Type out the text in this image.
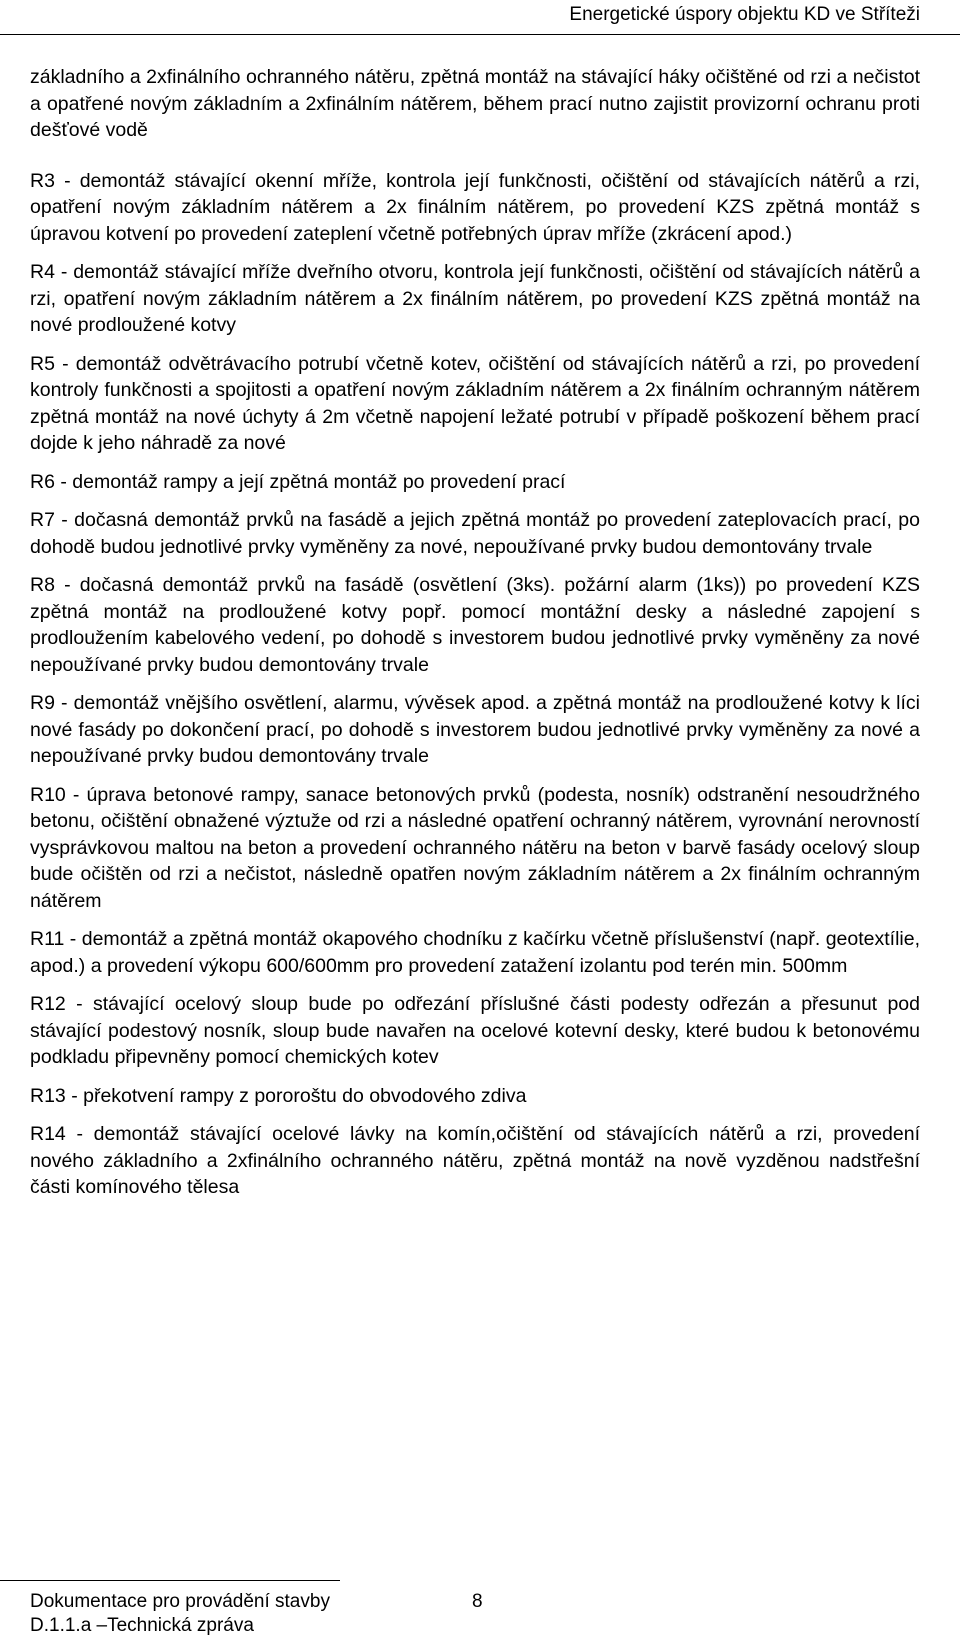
Energetické úspory objektu KD ve Stříteži

základního a 2xfinálního ochranného nátěru, zpětná montáž na stávající háky očištěné od rzi a nečistot a opatřené novým základním a 2xfinálním nátěrem, během prací nutno zajistit provizorní ochranu proti dešťové vodě

R3 - demontáž stávající okenní mříže, kontrola její funkčnosti, očištění od stávajících nátěrů a rzi, opatření novým základním nátěrem a 2x finálním nátěrem, po provedení KZS zpětná montáž s úpravou kotvení po provedení zateplení včetně potřebných úprav mříže (zkrácení apod.)

R4 - demontáž stávající mříže dveřního otvoru, kontrola její funkčnosti, očištění od stávajících nátěrů a rzi, opatření novým základním nátěrem a 2x finálním nátěrem, po provedení KZS zpětná montáž na nové prodloužené kotvy

R5 - demontáž odvětrávacího potrubí včetně kotev, očištění od stávajících nátěrů a rzi, po provedení kontroly funkčnosti a spojitosti a opatření novým základním nátěrem a 2x finálním ochranným nátěrem zpětná montáž na nové úchyty á 2m včetně napojení ležaté potrubí v případě poškození během prací dojde k jeho náhradě za nové

R6 - demontáž rampy a její zpětná montáž po provedení prací

R7 - dočasná demontáž prvků na fasádě a jejich zpětná montáž po provedení zateplovacích prací, po dohodě budou jednotlivé prvky vyměněny za nové, nepoužívané prvky budou demontovány trvale

R8 - dočasná demontáž prvků na fasádě (osvětlení (3ks). požární alarm (1ks)) po provedení KZS zpětná montáž na prodloužené kotvy popř. pomocí montážní desky a následné zapojení s prodloužením kabelového vedení, po dohodě s investorem budou jednotlivé prvky vyměněny za nové nepoužívané prvky budou demontovány trvale

R9 - demontáž vnějšího osvětlení, alarmu, vývěsek apod. a zpětná montáž na prodloužené kotvy k líci nové fasády po dokončení prací, po dohodě s investorem budou jednotlivé prvky vyměněny za nové a nepoužívané prvky budou demontovány trvale

R10 - úprava betonové rampy, sanace betonových prvků (podesta, nosník) odstranění nesoudržného betonu, očištění obnažené výztuže od rzi a následné opatření ochranný nátěrem, vyrovnání nerovností vysprávkovou maltou na beton a provedení ochranného nátěru na beton v barvě fasády ocelový sloup bude očištěn od rzi a nečistot, následně opatřen novým základním nátěrem a 2x finálním ochranným nátěrem

R11 - demontáž a zpětná montáž okapového chodníku z kačírku včetně příslušenství (např. geotextílie, apod.) a provedení výkopu 600/600mm pro provedení zatažení izolantu pod terén min. 500mm

R12 - stávající ocelový sloup bude po odřezání příslušné části podesty odřezán a přesunut pod stávající podestový nosník, sloup bude navařen na ocelové kotevní desky, které budou k betonovému podkladu připevněny pomocí chemických kotev

R13 - překotvení rampy z pororoštu do obvodového zdiva

R14 - demontáž stávající ocelové lávky na komín,očištění od stávajících nátěrů a rzi, provedení nového základního a 2xfinálního ochranného nátěru, zpětná montáž na nově vyzděnou nadstřešní části komínového tělesa

Dokumentace pro provádění stavby
D.1.1.a –Technická zpráva
8
